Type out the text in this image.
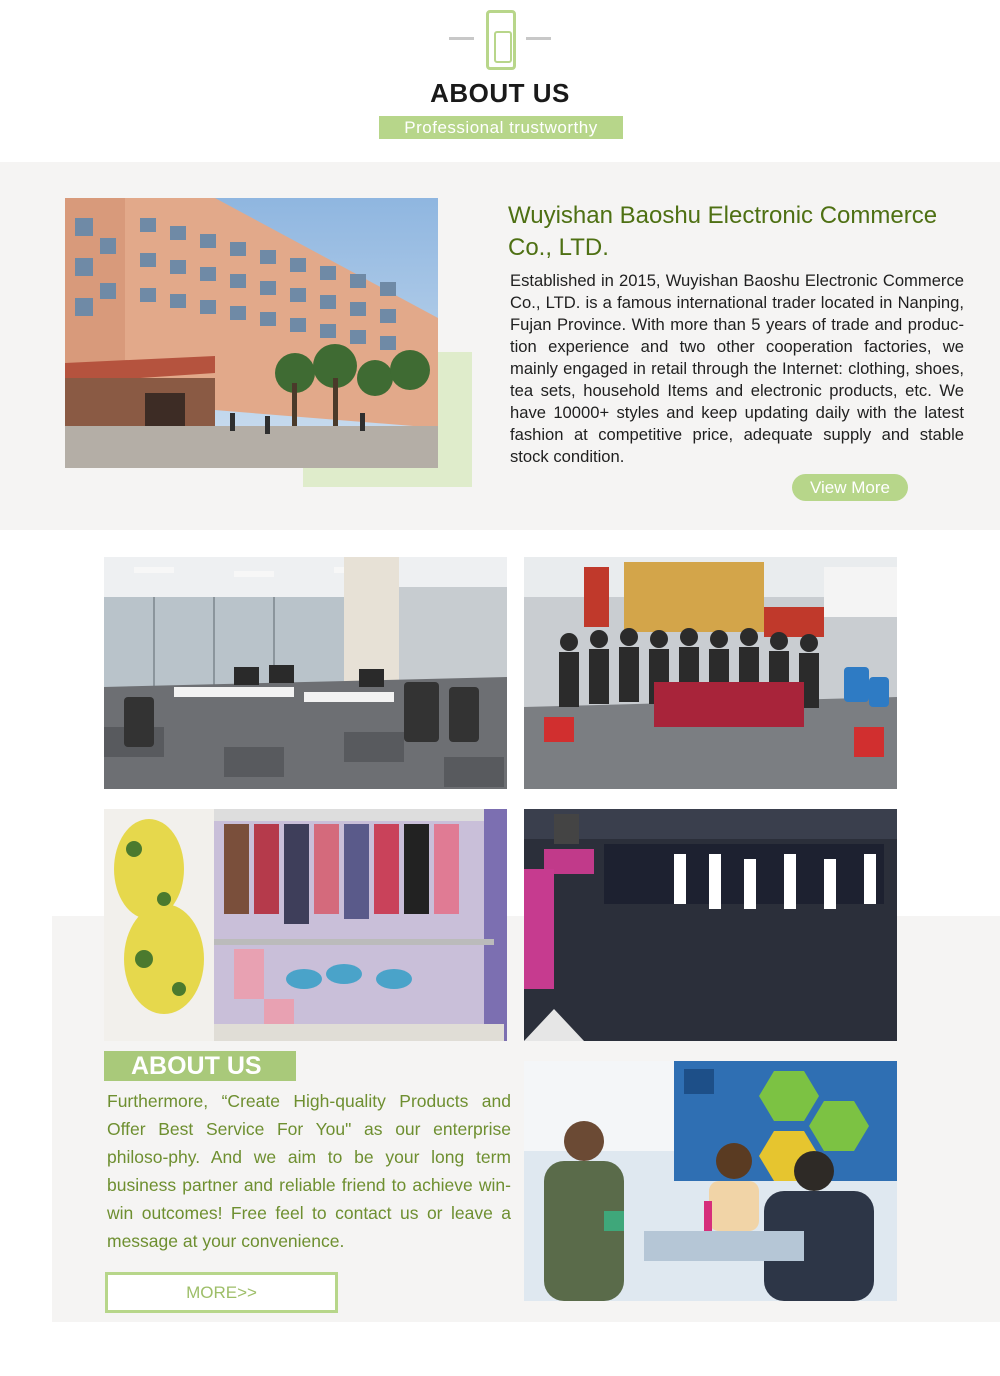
ABOUT US
Professional trustworthy
Wuyishan Baoshu Electronic Commerce Co., LTD.
Established in 2015, Wuyishan Baoshu Electronic Commerce Co., LTD. is a famous international trader located in Nanping, Fujan Province. With more than 5 years of trade and produc-tion experience and two other cooperation factories, we mainly engaged in retail through the Internet: clothing, shoes, tea sets, household Items and electronic products, etc. We have 10000+ styles and keep updating daily with the latest fashion at competitive price, adequate supply and stable stock condition.
View More
ABOUT US
Furthermore, “Create High-quality Products and Offer Best Service For You" as our enterprise philoso-phy. And we aim to be your long term business partner and reliable friend to achieve win-win outcomes! Free feel to contact us or leave a message at your convenience.
MORE>>
